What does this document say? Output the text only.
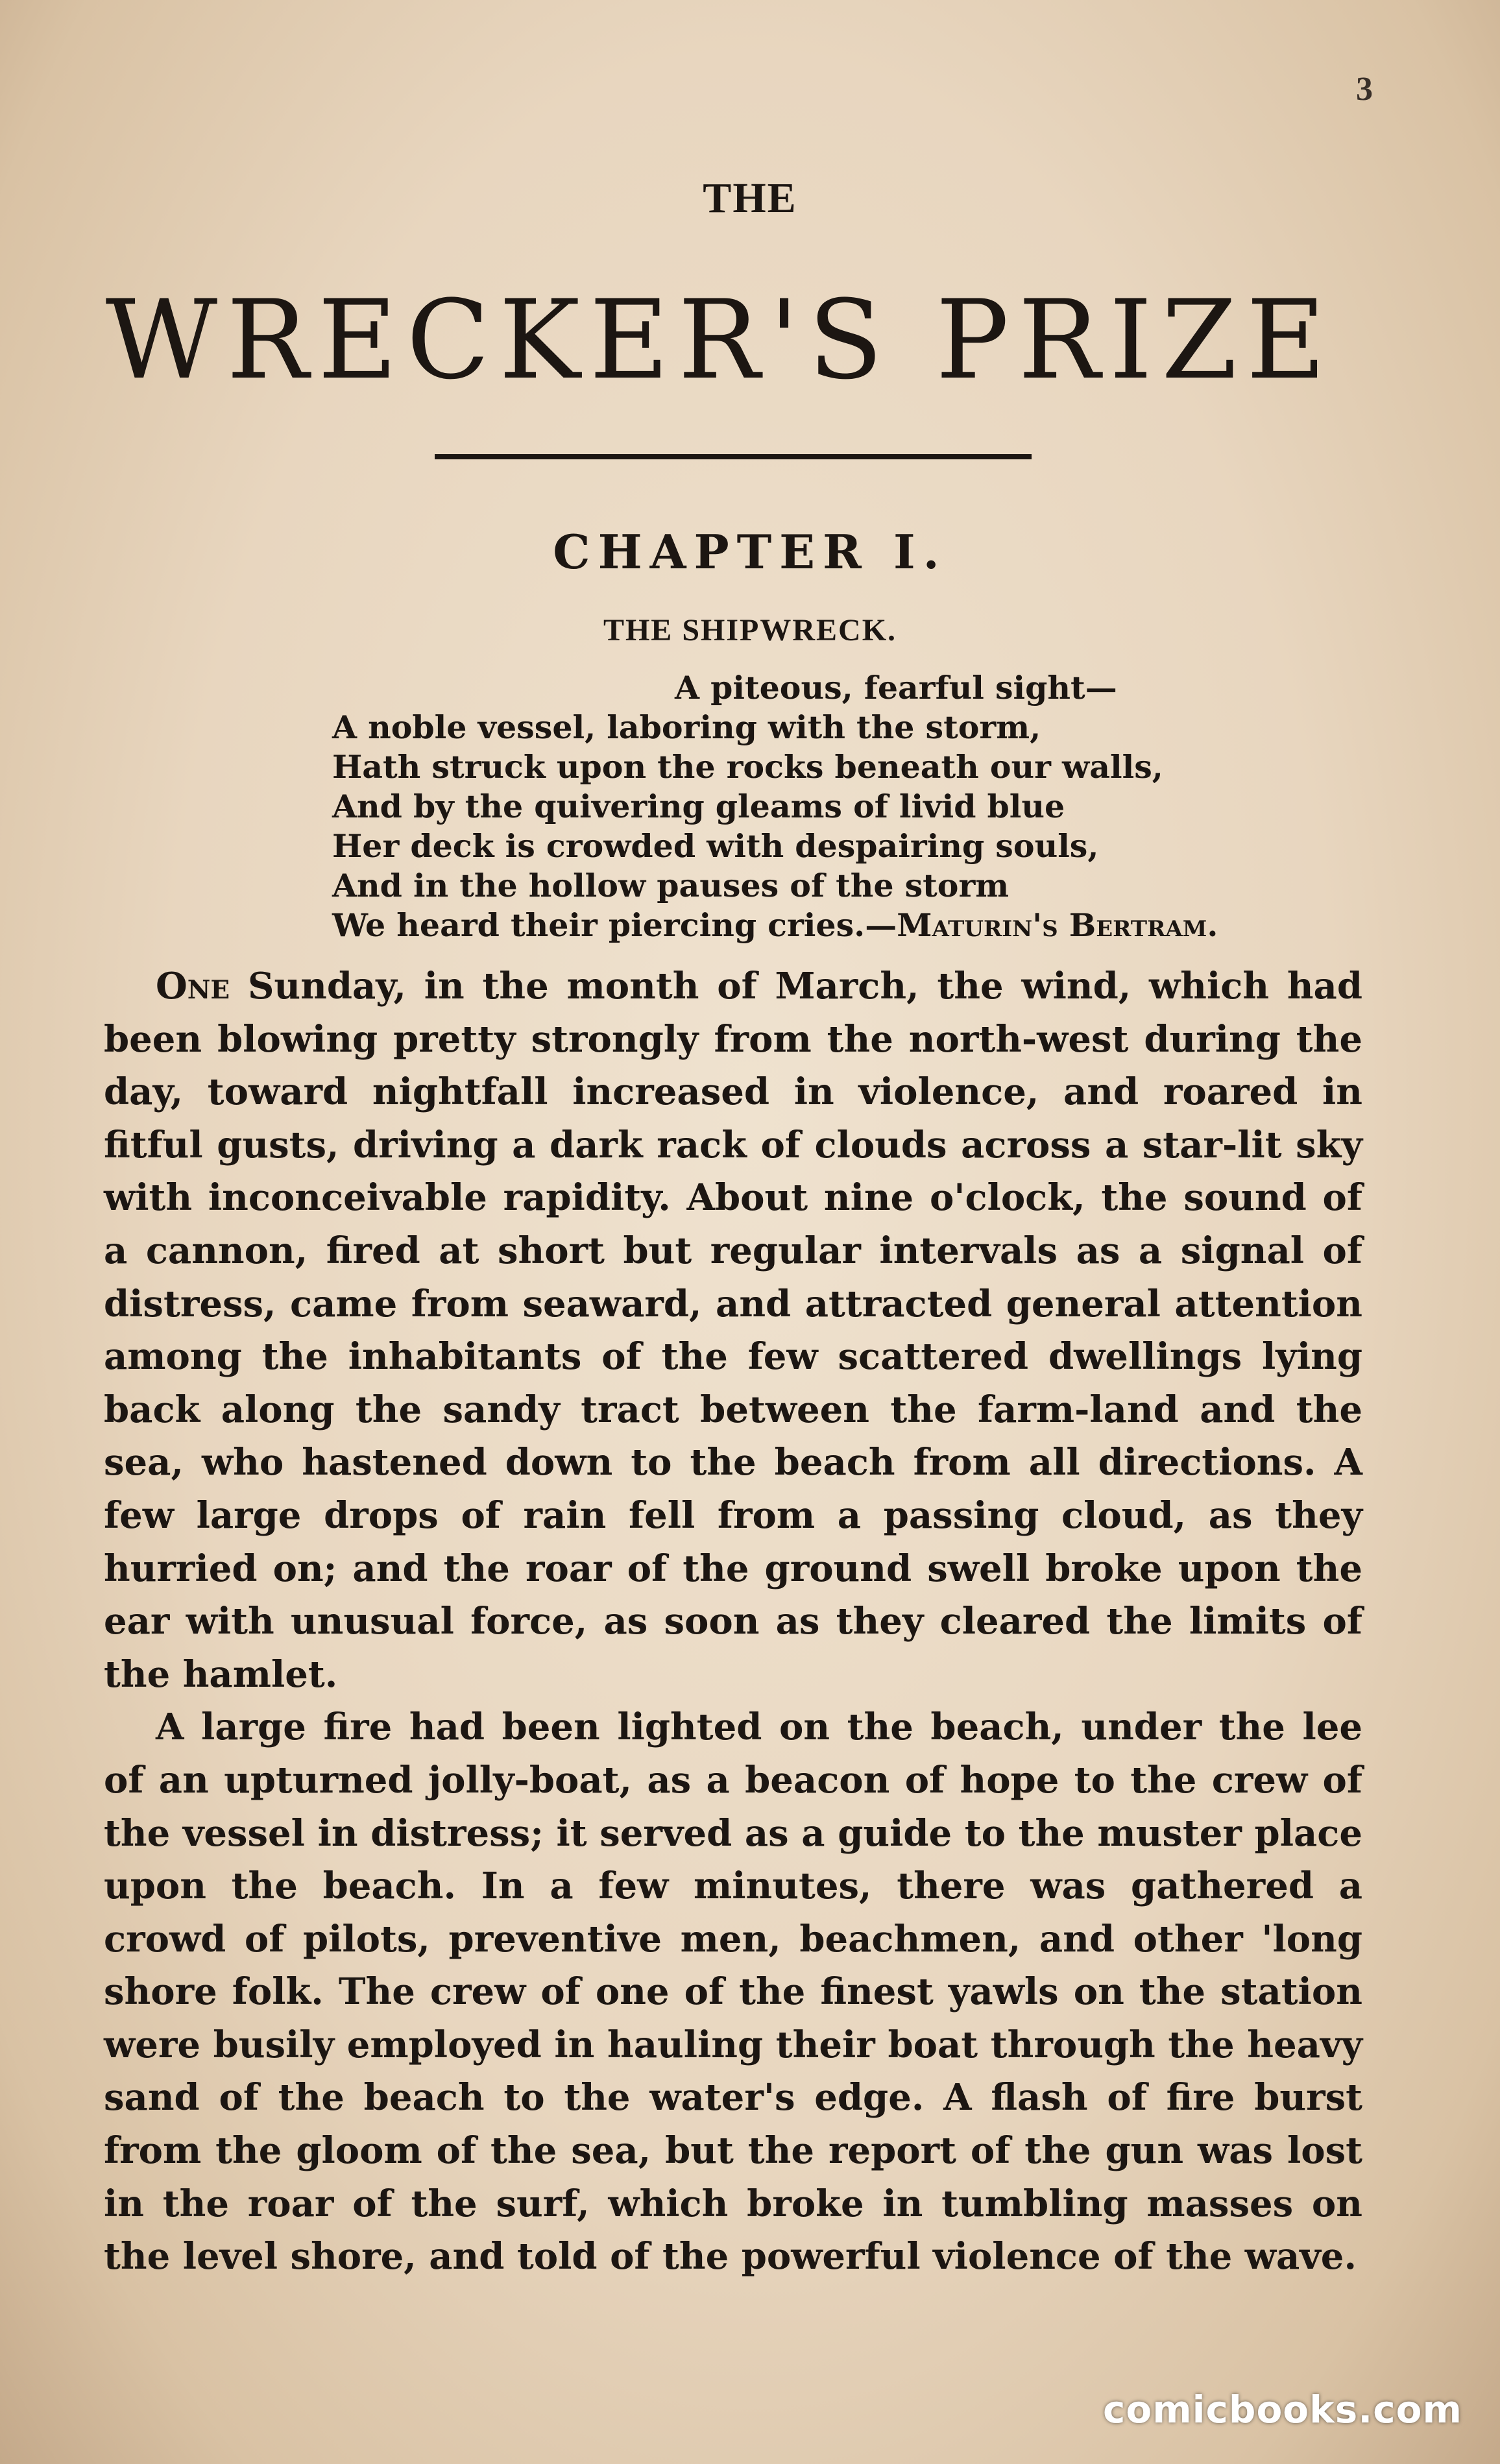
3
THE
WRECKER'S PRIZE
CHAPTER I.
THE SHIPWRECK.
A piteous, fearful sight—
A noble vessel, laboring with the storm,
Hath struck upon the rocks beneath our walls,
And by the quivering gleams of livid blue
Her deck is crowded with despairing souls,
And in the hollow pauses of the storm
We heard their piercing cries.—Maturin's Bertram.

One Sunday, in the month of March, the wind, which had been blowing pretty strongly from the north-west during the day, toward nightfall increased in violence, and roared in fitful gusts, driving a dark rack of clouds across a star-lit sky with inconceivable rapidity. About nine o'clock, the sound of a cannon, fired at short but regular intervals as a signal of distress, came from seaward, and attracted general attention among the inhabitants of the few scattered dwellings lying back along the sandy tract between the farm-land and the sea, who hastened down to the beach from all directions. A few large drops of rain fell from a passing cloud, as they hurried on; and the roar of the ground swell broke upon the ear with unusual force, as soon as they cleared the limits of the hamlet.

A large fire had been lighted on the beach, under the lee of an upturned jolly-boat, as a beacon of hope to the crew of the vessel in distress; it served as a guide to the muster place upon the beach. In a few minutes, there was gathered a crowd of pilots, preventive men, beachmen, and other 'long shore folk. The crew of one of the finest yawls on the station were busily employed in hauling their boat through the heavy sand of the beach to the water's edge. A flash of fire burst from the gloom of the sea, but the report of the gun was lost in the roar of the surf, which broke in tumbling masses on the level shore, and told of the powerful violence of the wave.

comicbooks.com
